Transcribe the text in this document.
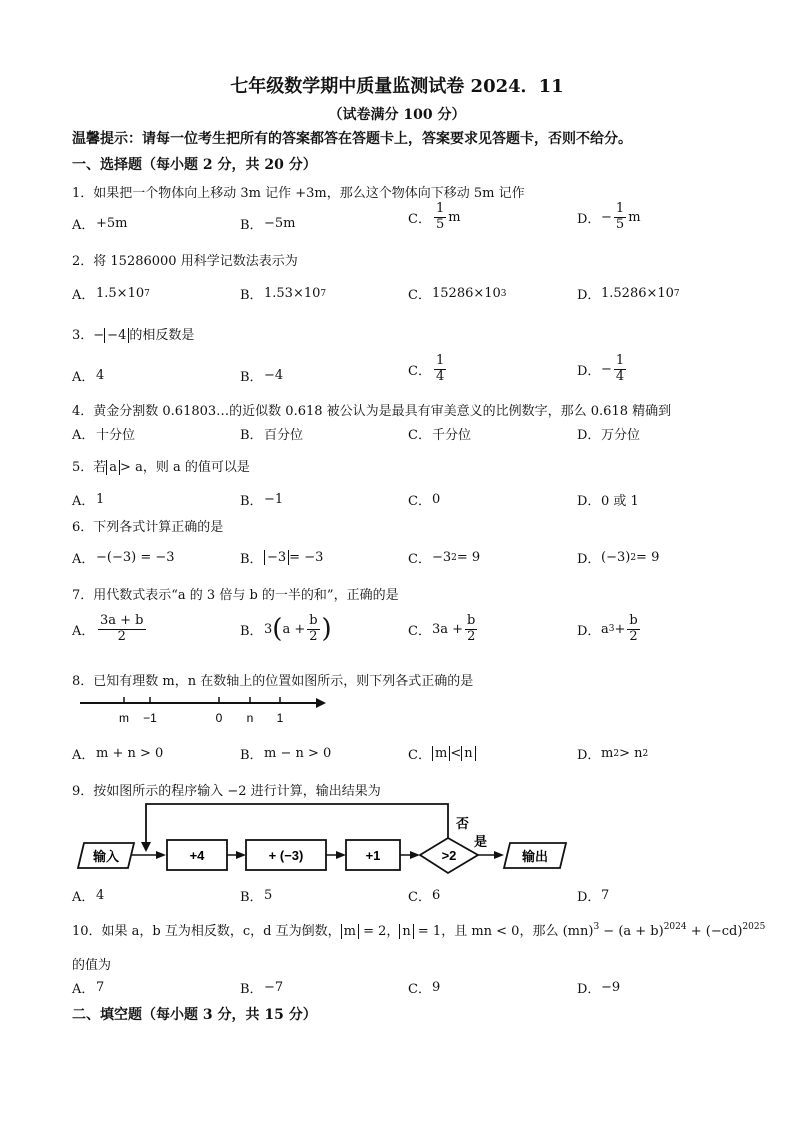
七年级数学期中质量监测试卷 2024．11
（试卷满分 100 分）
温馨提示：请每一位考生把所有的答案都答在答题卡上，答案要求见答题卡，否则不给分。
一、选择题（每小题 2 分，共 20 分）
1．如果把一个物体向上移动 3m 记作 +3m，那么这个物体向下移动 5m 记作
A． +5m	B． −5m	C． $\frac{1}{5}$ m	D． − $\frac{1}{5}$ m
2．将 15286000 用科学记数法表示为
A． 1.5×10 7	B． 1.53×10 7	C． 15286×10 3	D． 1.5286×10 7
3．− −4 的相反数是
A． 4	B． −4	C． $\frac{1}{4}$	D． − $\frac{1}{4}$
4．黄金分割数 0.61803…的近似数 0.618 被公认为是最具有审美意义的比例数字，那么 0.618 精确到
A． 十分位	B． 百分位	C． 千分位	D． 万分位
5．若 a > a，则 a 的值可以是
A． 1	B． −1	C． 0	D． 0 或 1
6．下列各式计算正确的是
A． −(−3) = −3	B． −3 = −3	C． −3 2 = 9	D． (−3) 2 = 9
7．用代数式表示“a 的 3 倍与 b 的一半的和”，正确的是
A． $\frac{3a + b}{2}$	B． 3 ( $a + \frac{b}{2}$ )	C． $3a + \frac{b}{2}$	D． a $3 + \frac{b}{2}$
8．已知有理数 m，n 在数轴上的位置如图所示，则下列各式正确的是
m −1	0 n 1
A． m + n > 0	B． m − n > 0	C． m < n	D． m 2 > n 2
9．按如图所示的程序输入 −2 进行计算，输出结果为
输入	+4	+ (−3)	+1	>2
否
是
输出
A． 4	B． 5	C． 6	D． 7
10．如果 a，b 互为相反数，c，d 互为倒数， m = 2， n = 1，且 mn < 0，那么 $(mn)^3 - (a + b)^{2024} + (-cd)^{2025}$
的值为
A． 7	B． −7	C． 9	D． −9
二、填空题（每小题 3 分，共 15 分）
